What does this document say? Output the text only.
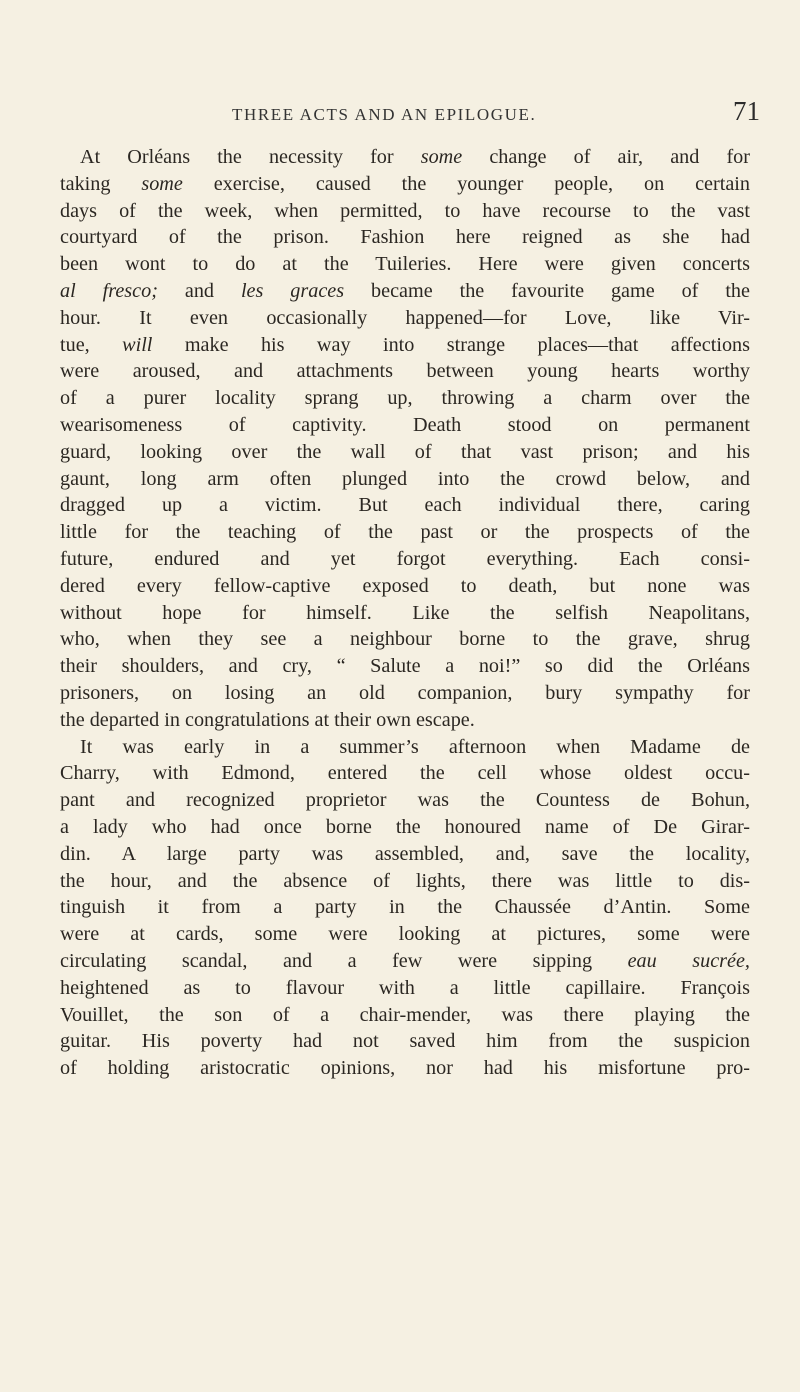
THREE ACTS AND AN EPILOGUE.	71
At Orléans the necessity for some change of air, and for
taking some exercise, caused the younger people, on certain
days of the week, when permitted, to have recourse to the vast
courtyard of the prison. Fashion here reigned as she had
been wont to do at the Tuileries. Here were given concerts
al fresco; and les graces became the favourite game of the
hour. It even occasionally happened—for Love, like Vir-
tue, will make his way into strange places—that affections
were aroused, and attachments between young hearts worthy
of a purer locality sprang up, throwing a charm over the
wearisomeness of captivity. Death stood on permanent
guard, looking over the wall of that vast prison; and his
gaunt, long arm often plunged into the crowd below, and
dragged up a victim. But each individual there, caring
little for the teaching of the past or the prospects of the
future, endured and yet forgot everything. Each consi-
dered every fellow-captive exposed to death, but none was
without hope for himself. Like the selfish Neapolitans,
who, when they see a neighbour borne to the grave, shrug
their shoulders, and cry, “ Salute a noi!” so did the Orléans
prisoners, on losing an old companion, bury sympathy for
the departed in congratulations at their own escape.
It was early in a summer’s afternoon when Madame de
Charry, with Edmond, entered the cell whose oldest occu-
pant and recognized proprietor was the Countess de Bohun,
a lady who had once borne the honoured name of De Girar-
din. A large party was assembled, and, save the locality,
the hour, and the absence of lights, there was little to dis-
tinguish it from a party in the Chaussée d’Antin. Some
were at cards, some were looking at pictures, some were
circulating scandal, and a few were sipping eau sucrée,
heightened as to flavour with a little capillaire. François
Vouillet, the son of a chair-mender, was there playing the
guitar. His poverty had not saved him from the suspicion
of holding aristocratic opinions, nor had his misfortune pro-
